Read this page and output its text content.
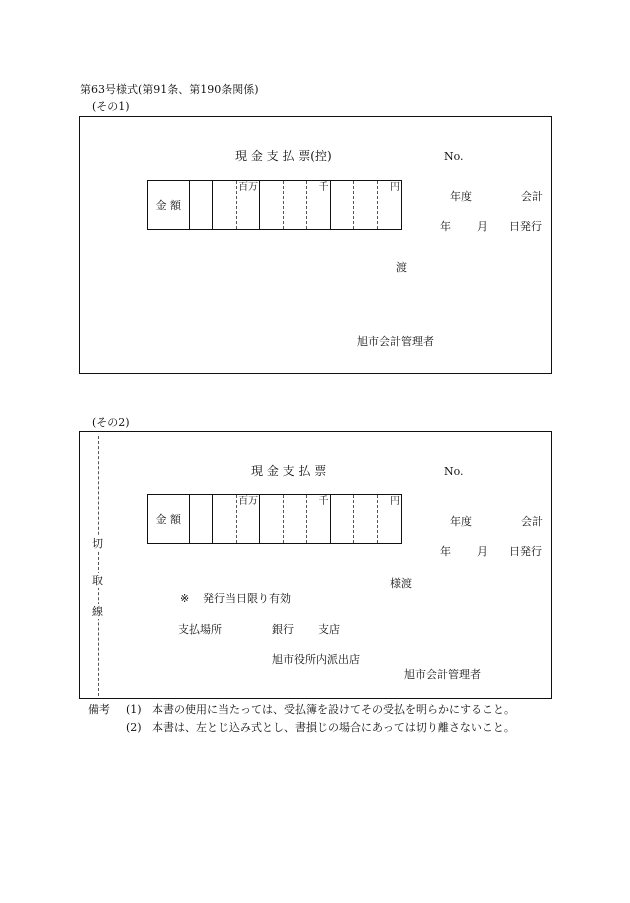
第63号様式(第91条、第190条関係)
(その1)
現 金 支 払 票(控)	No.
金 額
百万	千	円
年度	会計
年 月 日発行
渡
旭市会計管理者
(その2)
切
取
線
現 金 支 払 票	No.
金 額
百万	千	円
年度	会計
年 月 日発行
様渡
※ 発行当日限り有効
支払場所	銀行 支店
旭市役所内派出店
旭市会計管理者
備考 (1) 本書の使用に当たっては、受払簿を設けてその受払を明らかにすること。
(2) 本書は、左とじ込み式とし、書損じの場合にあっては切り離さないこと。
